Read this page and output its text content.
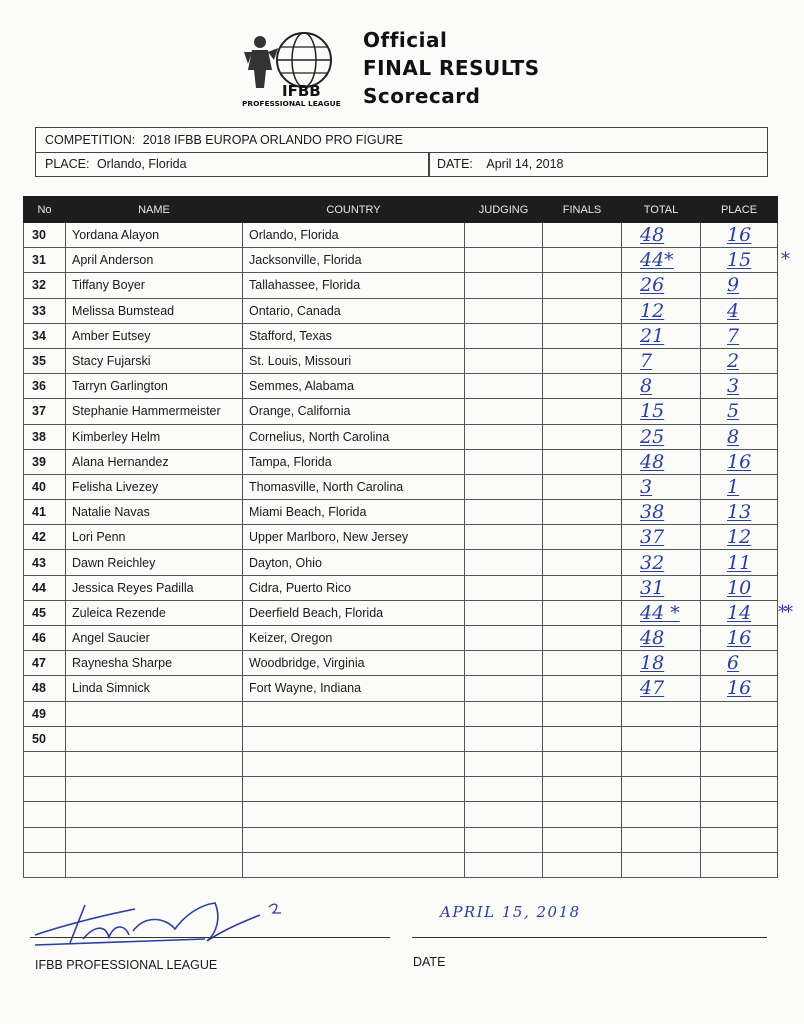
IFBB
PROFESSIONAL LEAGUE
Official
FINAL RESULTS
Scorecard
COMPETITION: 2018 IFBB EUROPA ORLANDO PRO FIGURE
PLACE: Orlando, Florida	DATE: April 14, 2018
No	NAME	COUNTRY	JUDGING	FINALS	TOTAL	PLACE
30	Yordana Alayon	Orlando, Florida			48	16
31	April Anderson	Jacksonville, Florida			44*	15
32	Tiffany Boyer	Tallahassee, Florida			26	9
33	Melissa Bumstead	Ontario, Canada			12	4
34	Amber Eutsey	Stafford, Texas			21	7
35	Stacy Fujarski	St. Louis, Missouri			7	2
36	Tarryn Garlington	Semmes, Alabama			8	3
37	Stephanie Hammermeister	Orange, California			15	5
38	Kimberley Helm	Cornelius, North Carolina			25	8
39	Alana Hernandez	Tampa, Florida			48	16
40	Felisha Livezey	Thomasville, North Carolina			3	1
41	Natalie Navas	Miami Beach, Florida			38	13
42	Lori Penn	Upper Marlboro, New Jersey			37	12
43	Dawn Reichley	Dayton, Ohio			32	11
44	Jessica Reyes Padilla	Cidra, Puerto Rico			31	10
45	Zuleica Rezende	Deerfield Beach, Florida			44 *	14
46	Angel Saucier	Keizer, Oregon			48	16
47	Raynesha Sharpe	Woodbridge, Virginia			18	6
48	Linda Simnick	Fort Wayne, Indiana			47	16
49						
50						

*
**
APRIL 15, 2018
IFBB PROFESSIONAL LEAGUE	DATE
